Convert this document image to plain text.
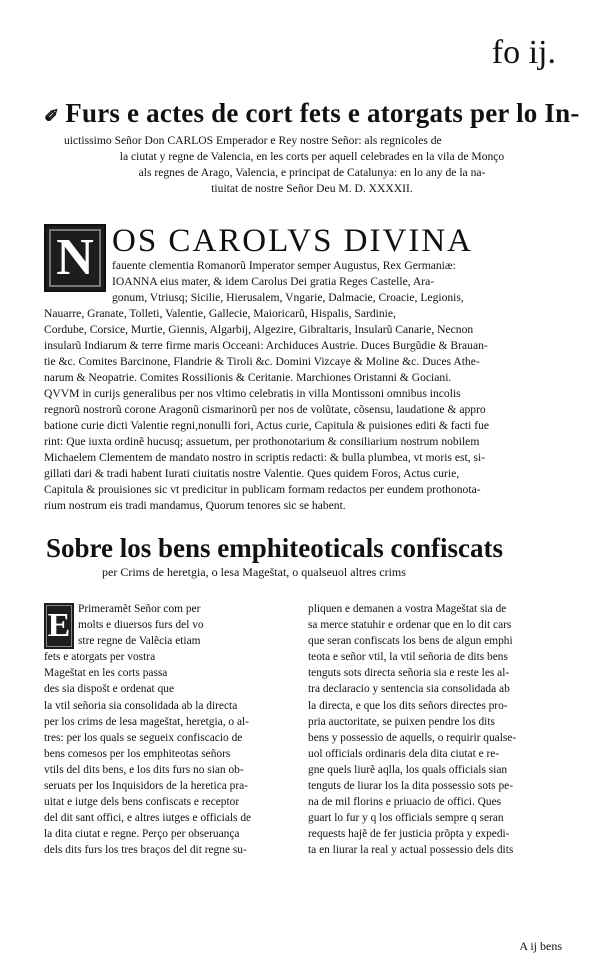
fo ij.
✐ Furs e actes de cort fets e atorgats per lo In-
uictissimo Señor Don CARLOS Emperador e Rey nostre Señor: als regnicoles de
la ciutat y regne de Valencia, en les corts per aquell celebrades en la vila de Monço
als regnes de Arago, Valencia, e principat de Catalunya: en lo any de la na-
tiuitat de nostre Señor Deu M. D. XXXXII.
N OS CAROLVS DIVINA
fauente clementia Romanorũ Imperator semper Augustus, Rex Germaniæ:
IOANNA eius mater, & idem Carolus Dei gratia Reges Castelle, Ara-
gonum, Vtriusq; Sicilie, Hierusalem, Vngarie, Dalmacie, Croacie, Legionis,
Nauarre, Granate, Tolleti, Valentie, Gallecie, Maioricarũ, Hispalis, Sardinie,
Cordube, Corsice, Murtie, Giennis, Algarbij, Algezire, Gibraltaris, Insularũ Canarie, Necnon
insularũ Indiarum & terre firme maris Occeani: Archiduces Austrie. Duces Burgũdie & Brauan-
tie &c. Comites Barcinone, Flandrie & Tiroli &c. Domini Vizcaye & Moline &c. Duces Athe-
narum & Neopatrie. Comites Rossilionis & Ceritanie. Marchiones Oristanni & Gociani.
QVVM in curijs generalibus per nos vltimo celebratis in villa Montissoni omnibus incolis
regnorũ nostrorũ corone Aragonũ cismarinorũ per nos de volũtate, cõsensu, laudatione & appro
batione curie dicti Valentie regni,nonulli fori, Actus curie, Capitula & puisiones editi & facti fue
rint: Que iuxta ordinẽ hucusq; assuetum, per prothonotarium & consiliarium nostrum nobilem
Michaelem Clementem de mandato nostro in scriptis redacti: & bulla plumbea, vt moris est, si-
gillati dari & tradi habent Iurati ciuitatis nostre Valentie. Ques quidem Foros, Actus curie,
Capitula & prouisiones sic vt predicitur in publicam formam redactos per eundem prothonota-
rium nostrum eis tradi mandamus, Quorum tenores sic se habent.
Sobre los bens emphiteoticals confiscats
per Crims de heretgia, o lesa Mageštat, o qualseuol altres crims
E Primeramẽt Señor com per
molts e diuersos furs del vo
stre regne de Valẽcia etiam
fets e atorgats per vostra
Mageštat en les corts passa
des sia dispošt e ordenat que
la vtil señoria sia consolidada ab la directa
per los crims de lesa mageštat, heretgia, o al-
tres: per los quals se segueix confiscacio de
bens comesos per los emphiteotas señors
vtils del dits bens, e los dits furs no sian ob-
seruats per los Inquisidors de la heretica pra-
uitat e iutge dels bens confiscats e receptor
del dit sant offici, e altres iutges e officials de
la dita ciutat e regne. Perço per obseruança
dels dits furs los tres braços del dit regne su-
pliquen e demanen a vostra Mageštat sia de
sa merce statuhir e ordenar que en lo dit cars
que seran confiscats los bens de algun emphi
teota e señor vtil, la vtil señoria de dits bens
tenguts sots directa señoria sia e reste les al-
tra declaracio y sentencia sia consolidada ab
la directa, e que los dits señors directes pro-
pria auctoritate, se puixen pendre los dits
bens y possessio de aquells, o requirir qualse-
uol officials ordinaris dela dita ciutat e re-
gne quels liurẽ aqlla, los quals officials sian
tenguts de liurar los la dita possessio sots pe-
na de mil florins e priuacio de offici. Ques
guart lo fur y q los officials sempre q seran
requests hajẽ de fer justicia prõpta y expedi-
ta en liurar la real y actual possessio dels dits
A ij bens
